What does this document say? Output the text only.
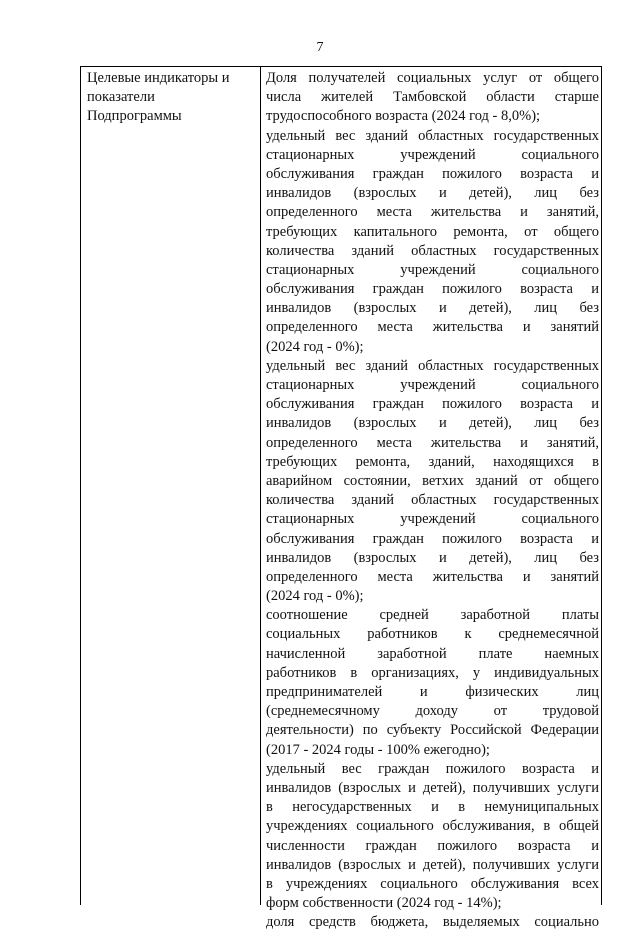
7
Целевые индикаторы и
показатели
Подпрограммы
Доля получателей социальных услуг от общего
числа жителей Тамбовской области старше
трудоспособного возраста (2024 год - 8,0%);
удельный вес зданий областных государственных
стационарных учреждений социального
обслуживания граждан пожилого возраста и
инвалидов (взрослых и детей), лиц без
определенного места жительства и занятий,
требующих капитального ремонта, от общего
количества зданий областных государственных
стационарных учреждений социального
обслуживания граждан пожилого возраста и
инвалидов (взрослых и детей), лиц без
определенного места жительства и занятий
(2024 год - 0%);
удельный вес зданий областных государственных
стационарных учреждений социального
обслуживания граждан пожилого возраста и
инвалидов (взрослых и детей), лиц без
определенного места жительства и занятий,
требующих ремонта, зданий, находящихся в
аварийном состоянии, ветхих зданий от общего
количества зданий областных государственных
стационарных учреждений социального
обслуживания граждан пожилого возраста и
инвалидов (взрослых и детей), лиц без
определенного места жительства и занятий
(2024 год - 0%);
соотношение средней заработной платы
социальных работников к среднемесячной
начисленной заработной плате наемных
работников в организациях, у индивидуальных
предпринимателей и физических лиц
(среднемесячному доходу от трудовой
деятельности) по субъекту Российской Федерации
(2017 - 2024 годы - 100% ежегодно);
удельный вес граждан пожилого возраста и
инвалидов (взрослых и детей), получивших услуги
в негосударственных и в немуниципальных
учреждениях социального обслуживания, в общей
численности граждан пожилого возраста и
инвалидов (взрослых и детей), получивших услуги
в учреждениях социального обслуживания всех
форм собственности (2024 год - 14%);
доля средств бюджета, выделяемых социально
